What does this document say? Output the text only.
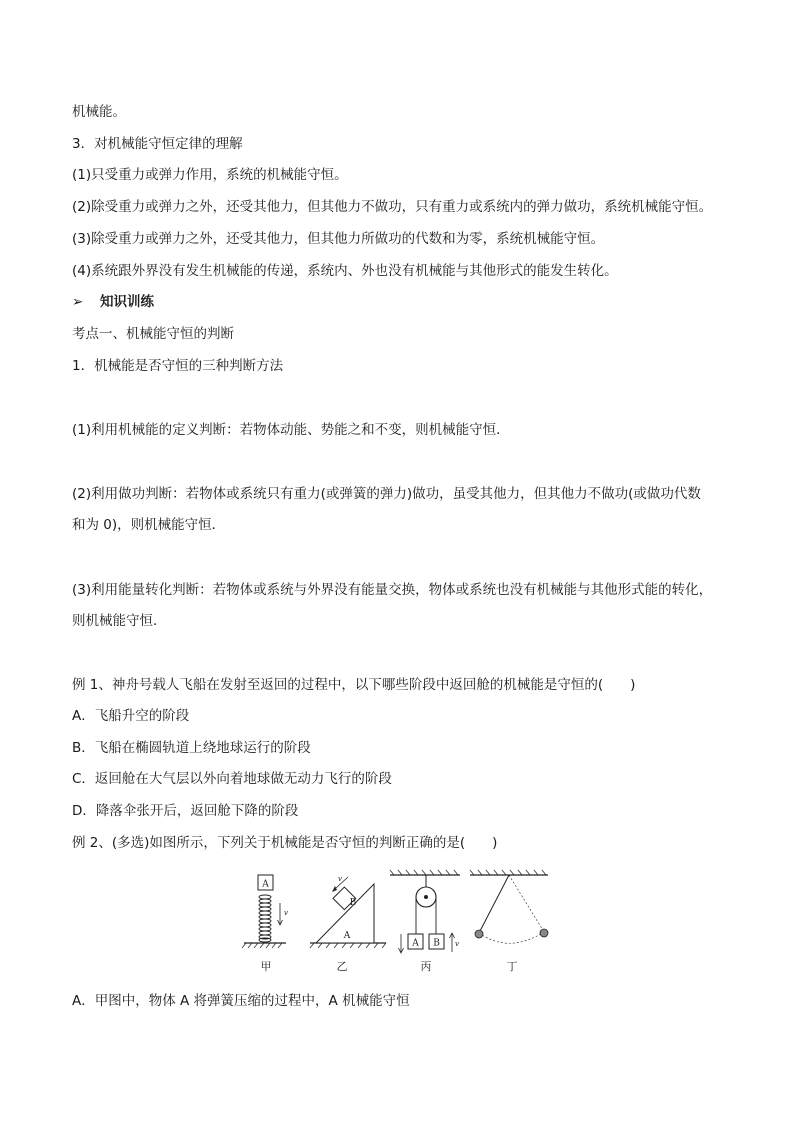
机械能。
3．对机械能守恒定律的理解
(1)只受重力或弹力作用，系统的机械能守恒。
(2)除受重力或弹力之外，还受其他力，但其他力不做功，只有重力或系统内的弹力做功，系统机械能守恒。
(3)除受重力或弹力之外，还受其他力，但其他力所做功的代数和为零，系统机械能守恒。
(4)系统跟外界没有发生机械能的传递，系统内、外也没有机械能与其他形式的能发生转化。
➢ 知识训练
考点一、机械能守恒的判断
1．机械能是否守恒的三种判断方法
(1)利用机械能的定义判断：若物体动能、势能之和不变，则机械能守恒．
(2)利用做功判断：若物体或系统只有重力(或弹簧的弹力)做功，虽受其他力，但其他力不做功(或做功代数
和为 0)，则机械能守恒．
(3)利用能量转化判断：若物体或系统与外界没有能量交换，物体或系统也没有机械能与其他形式能的转化，
则机械能守恒．
例 1、神舟号载人飞船在发射至返回的过程中，以下哪些阶段中返回舱的机械能是守恒的(　　)
A．飞船升空的阶段
B．飞船在椭圆轨道上绕地球运行的阶段
C．返回舱在大气层以外向着地球做无动力飞行的阶段
D．降落伞张开后，返回舱下降的阶段
例 2、(多选)如图所示，下列关于机械能是否守恒的判断正确的是(　　)
A
v
A
B
v
A B v
甲	乙	丙	丁
A．甲图中，物体 A 将弹簧压缩的过程中，A 机械能守恒
